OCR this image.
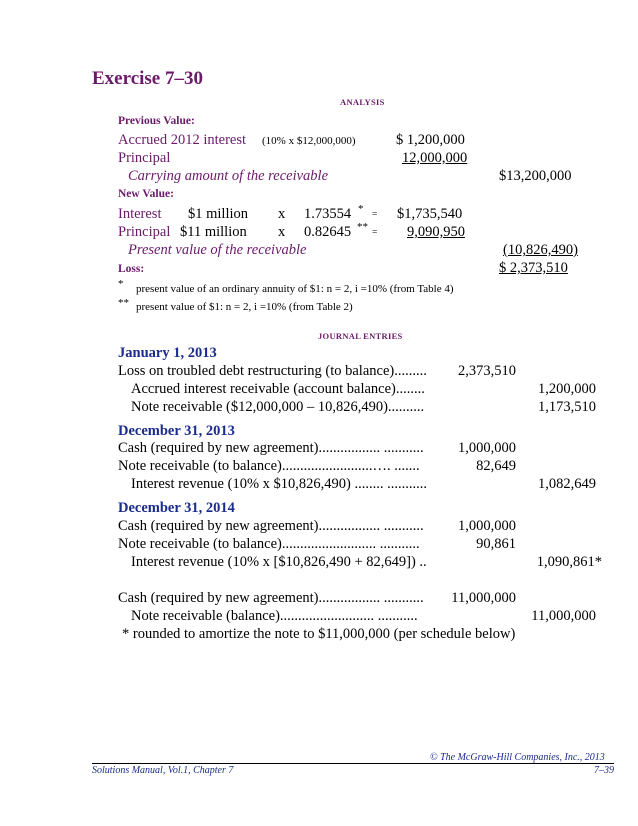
Exercise 7–30
ANALYSIS
Previous Value:
Accrued 2012 interest (10% x $12,000,000)	$ 1,200,000
Principal	12,000,000
Carrying amount of the receivable	$13,200,000
New Value:
Interest $1 million x 1.73554 * = $1,735,540
Principal $11 million x 0.82645 ** = 9,090,950
Present value of the receivable	(10,826,490)
Loss:	$ 2,373,510
* present value of an ordinary annuity of $1: n = 2, i =10% (from Table 4)
** present value of $1: n = 2, i =10% (from Table 2)
JOURNAL ENTRIES
January 1, 2013
Loss on troubled debt restructuring (to balance).........	2,373,510
Accrued interest receivable (account balance)........	1,200,000
Note receivable ($12,000,000 – 10,826,490)..........	1,173,510
December 31, 2013
Cash (required by new agreement)................. ...........	1,000,000
Note receivable (to balance).........................…. .......	82,649
Interest revenue (10% x $10,826,490) ........ ...........	1,082,649
December 31, 2014
Cash (required by new agreement)................. ...........	1,000,000
Note receivable (to balance).......................... ...........	90,861
Interest revenue (10% x [$10,826,490 + 82,649]) ..	1,090,861*
Cash (required by new agreement)................. ...........	11,000,000
Note receivable (balance).......................... ...........	11,000,000
* rounded to amortize the note to $11,000,000 (per schedule below)
© The McGraw-Hill Companies, Inc., 2013
Solutions Manual, Vol.1, Chapter 7	7–39
